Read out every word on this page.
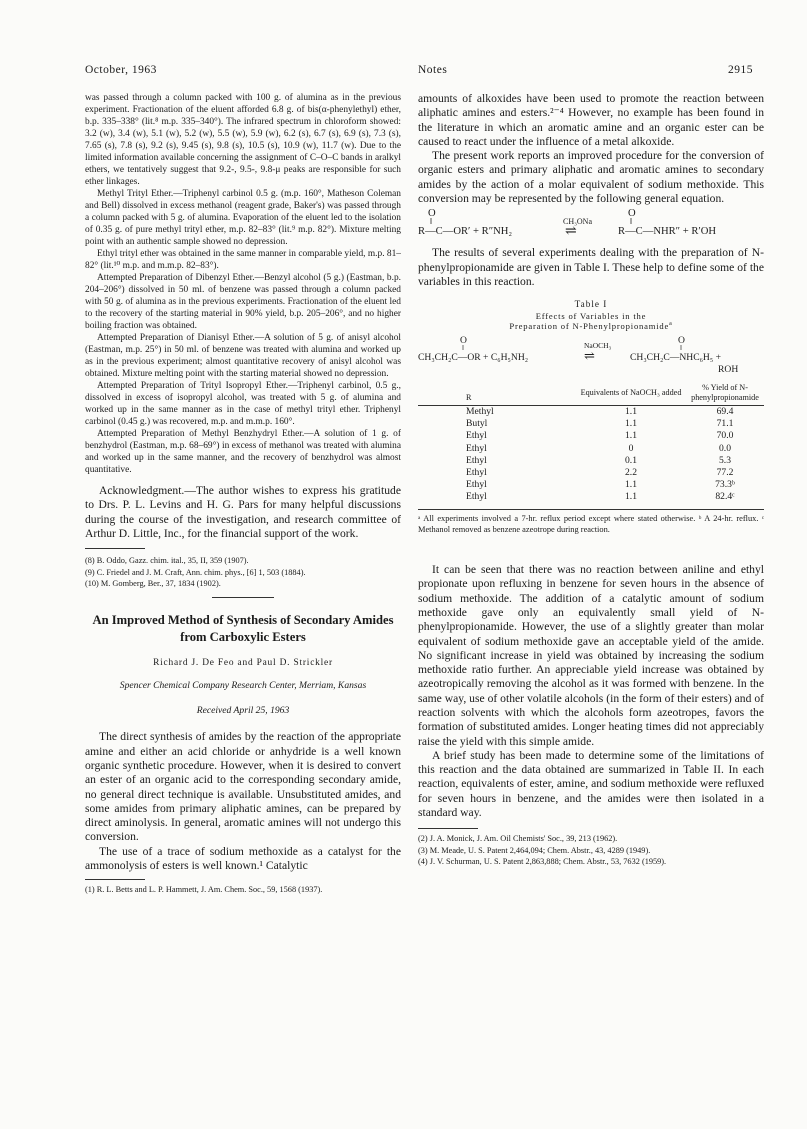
October, 1963	Notes	2915

was passed through a column packed with 100 g. of alumina as in the previous experiment. Fractionation of the eluent afforded 6.8 g. of bis(α-phenylethyl) ether, b.p. 335–338° (lit.⁸ m.p. 335–340°). The infrared spectrum in chloroform showed: 3.2 (w), 3.4 (w), 5.1 (w), 5.2 (w), 5.5 (w), 5.9 (w), 6.2 (s), 6.7 (s), 6.9 (s), 7.3 (s), 7.65 (s), 7.8 (s), 9.2 (s), 9.45 (s), 9.8 (s), 10.5 (s), 10.9 (w), 11.7 (w). Due to the limited information available concerning the assignment of C–O–C bands in aralkyl ethers, we tentatively suggest that 9.2-, 9.5-, 9.8-μ peaks are responsible for such ether linkages.

Methyl Trityl Ether.—Triphenyl carbinol 0.5 g. (m.p. 160°, Matheson Coleman and Bell) dissolved in excess methanol (reagent grade, Baker's) was passed through a column packed with 5 g. of alumina. Evaporation of the eluent led to the isolation of 0.35 g. of pure methyl trityl ether, m.p. 82–83° (lit.⁹ m.p. 82°). Mixture melting point with an authentic sample showed no depression.

Ethyl trityl ether was obtained in the same manner in comparable yield, m.p. 81–82° (lit.¹⁰ m.p. and m.m.p. 82–83°).

Attempted Preparation of Dibenzyl Ether.—Benzyl alcohol (5 g.) (Eastman, b.p. 204–206°) dissolved in 50 ml. of benzene was passed through a column packed with 50 g. of alumina as in the previous experiments. Fractionation of the eluent led to the recovery of the starting material in 90% yield, b.p. 205–206°, and no higher boiling fraction was obtained.

Attempted Preparation of Dianisyl Ether.—A solution of 5 g. of anisyl alcohol (Eastman, m.p. 25°) in 50 ml. of benzene was treated with alumina and worked up as in the previous experiment; almost quantitative recovery of anisyl alcohol was obtained. Mixture melting point with the starting material showed no depression.

Attempted Preparation of Trityl Isopropyl Ether.—Triphenyl carbinol, 0.5 g., dissolved in excess of isopropyl alcohol, was treated with 5 g. of alumina and worked up in the same manner as in the case of methyl trityl ether. Triphenyl carbinol (0.45 g.) was recovered, m.p. and m.m.p. 160°.

Attempted Preparation of Methyl Benzhydryl Ether.—A solution of 1 g. of benzhydrol (Eastman, m.p. 68–69°) in excess of methanol was treated with alumina and worked up in the same manner, and the recovery of benzhydrol was almost quantitative.

Acknowledgment.—The author wishes to express his gratitude to Drs. P. L. Levins and H. G. Pars for many helpful discussions during the course of the investigation, and research committee of Arthur D. Little, Inc., for the financial support of the work.

(8) B. Oddo, Gazz. chim. ital., 35, II, 359 (1907).

(9) C. Friedel and J. M. Craft, Ann. chim. phys., [6] 1, 503 (1884).

(10) M. Gomberg, Ber., 37, 1834 (1902).

An Improved Method of Synthesis of Secondary Amides from Carboxylic Esters
Richard J. De Feo and Paul D. Strickler
Spencer Chemical Company Research Center, Merriam, Kansas
Received April 25, 1963

The direct synthesis of amides by the reaction of the appropriate amine and either an acid chloride or anhydride is a well known organic synthetic procedure. However, when it is desired to convert an ester of an organic acid to the corresponding secondary amide, no general direct technique is available. Unsubstituted amides, and some amides from primary aliphatic amines, can be prepared by direct aminolysis. In general, aromatic amines will not undergo this conversion.

The use of a trace of sodium methoxide as a catalyst for the ammonolysis of esters is well known.¹ Catalytic

(1) R. L. Betts and L. P. Hammett, J. Am. Chem. Soc., 59, 1568 (1937).

amounts of alkoxides have been used to promote the reaction between aliphatic amines and esters.²⁻⁴ However, no example has been found in the literature in which an aromatic amine and an organic ester can be caused to react under the influence of a metal alkoxide.

The present work reports an improved procedure for the conversion of organic esters and primary aliphatic and aromatic amines to secondary amides by the action of a molar equivalent of sodium methoxide. This conversion may be represented by the following general equation.

O
‖
R—C—OR′ + R″NH₂
CH₃ONa
⇌
O
‖
R—C—NHR″ + R′OH

The results of several experiments dealing with the preparation of N-phenylpropionamide are given in Table I. These help to define some of the variables in this reaction.

Table I
Effects of Variables in the
Preparation of N-Phenylpropionamide$^a$
O
‖
CH₃CH₂C—OR + C₆H₅NH₂
NaOCH₃
⇌
O
‖
CH₃CH₂C—NHC₆H₅ +
ROH
R	Equivalents of NaOCH₃ added	% Yield of N-phenylpropionamide
Methyl	1.1	69.4
Butyl	1.1	71.1
Ethyl	1.1	70.0
Ethyl	0	0.0
Ethyl	0.1	5.3
Ethyl	2.2	77.2
Ethyl	1.1	73.3ᵇ
Ethyl	1.1	82.4ᶜ

ᵃ All experiments involved a 7-hr. reflux period except where stated otherwise. ᵇ A 24-hr. reflux. ᶜ Methanol removed as benzene azeotrope during reaction.

It can be seen that there was no reaction between aniline and ethyl propionate upon refluxing in benzene for seven hours in the absence of sodium methoxide. The addition of a catalytic amount of sodium methoxide gave only an equivalently small yield of N-phenylpropionamide. However, the use of a slightly greater than molar equivalent of sodium methoxide gave an acceptable yield of the amide. No significant increase in yield was obtained by increasing the sodium methoxide ratio further. An appreciable yield increase was obtained by azeotropically removing the alcohol as it was formed with benzene. In the same way, use of other volatile alcohols (in the form of their esters) and of reaction solvents with which the alcohols form azeotropes, favors the formation of substituted amides. Longer heating times did not appreciably raise the yield with this simple amide.

A brief study has been made to determine some of the limitations of this reaction and the data obtained are summarized in Table II. In each reaction, equivalents of ester, amine, and sodium methoxide were refluxed for seven hours in benzene, and the amides were then isolated in a standard way.

(2) J. A. Monick, J. Am. Oil Chemists' Soc., 39, 213 (1962).

(3) M. Meade, U. S. Patent 2,464,094; Chem. Abstr., 43, 4289 (1949).

(4) J. V. Schurman, U. S. Patent 2,863,888; Chem. Abstr., 53, 7632 (1959).
